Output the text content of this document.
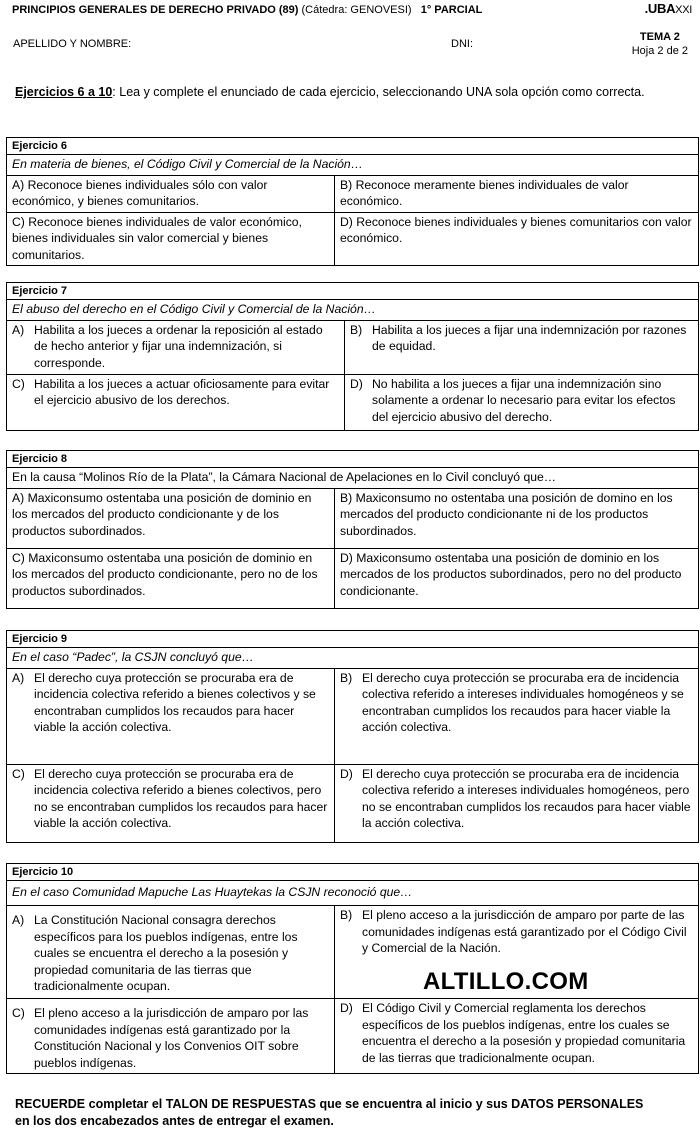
PRINCIPIOS GENERALES DE DERECHO PRIVADO (89) (Cátedra: GENOVESI) 1° PARCIAL	.UBAXXI
APELLIDO Y NOMBRE:	DNI:
TEMA 2
Hoja 2 de 2
Ejercicios 6 a 10: Lea y complete el enunciado de cada ejercicio, seleccionando UNA sola opción como correcta.
Ejercicio 6	
En materia de bienes, el Código Civil y Comercial de la Nación…	
A) Reconoce bienes individuales sólo con valor económico, y bienes comunitarios.	B) Reconoce meramente bienes individuales de valor económico.
C) Reconoce bienes individuales de valor económico, bienes individuales sin valor comercial y bienes comunitarios.	D) Reconoce bienes individuales y bienes comunitarios con valor económico.
Ejercicio 7	
El abuso del derecho en el Código Civil y Comercial de la Nación…	

A) Habilita a los jueces a ordenar la reposición al estado de hecho anterior y fijar una indemnización, si corresponde.	B) Habilita a los jueces a fijar una indemnización por razones de equidad.

C) Habilita a los jueces a actuar oficiosamente para evitar el ejercicio abusivo de los derechos.	D) No habilita a los jueces a fijar una indemnización sino solamente a ordenar lo necesario para evitar los efectos del ejercicio abusivo del derecho.
Ejercicio 8	
En la causa “Molinos Río de la Plata”, la Cámara Nacional de Apelaciones en lo Civil concluyó que…	
A) Maxiconsumo ostentaba una posición de dominio en los mercados del producto condicionante y de los productos subordinados.	B) Maxiconsumo no ostentaba una posición de domino en los mercados del producto condicionante ni de los productos subordinados.
C) Maxiconsumo ostentaba una posición de dominio en los mercados del producto condicionante, pero no de los productos subordinados.	D) Maxiconsumo ostentaba una posición de dominio en los mercados de los productos subordinados, pero no del producto condicionante.
Ejercicio 9	
En el caso “Padec”, la CSJN concluyó que…	

A) El derecho cuya protección se procuraba era de incidencia colectiva referido a bienes colectivos y se encontraban cumplidos los recaudos para hacer viable la acción colectiva.	B) El derecho cuya protección se procuraba era de incidencia colectiva referido a intereses individuales homogéneos y se encontraban cumplidos los recaudos para hacer viable la acción colectiva.

C) El derecho cuya protección se procuraba era de incidencia colectiva referido a bienes colectivos, pero no se encontraban cumplidos los recaudos para hacer viable la acción colectiva.	D) El derecho cuya protección se procuraba era de incidencia colectiva referido a intereses individuales homogéneos, pero no se encontraban cumplidos los recaudos para hacer viable la acción colectiva.
Ejercicio 10	
En el caso Comunidad Mapuche Las Huaytekas la CSJN reconoció que…	

A) La Constitución Nacional consagra derechos específicos para los pueblos indígenas, entre los cuales se encuentra el derecho a la posesión y propiedad comunitaria de las tierras que tradicionalmente ocupan.	B) El pleno acceso a la jurisdicción de amparo por parte de las comunidades indígenas está garantizado por el Código Civil y Comercial de la Nación.

C) El pleno acceso a la jurisdicción de amparo por las comunidades indígenas está garantizado por la Constitución Nacional y los Convenios OIT sobre pueblos indígenas.	D) El Código Civil y Comercial reglamenta los derechos específicos de los pueblos indígenas, entre los cuales se encuentra el derecho a la posesión y propiedad comunitaria de las tierras que tradicionalmente ocupan.
ALTILLO.COM
RECUERDE completar el TALON DE RESPUESTAS que se encuentra al inicio y sus DATOS PERSONALES en los dos encabezados antes de entregar el examen.
